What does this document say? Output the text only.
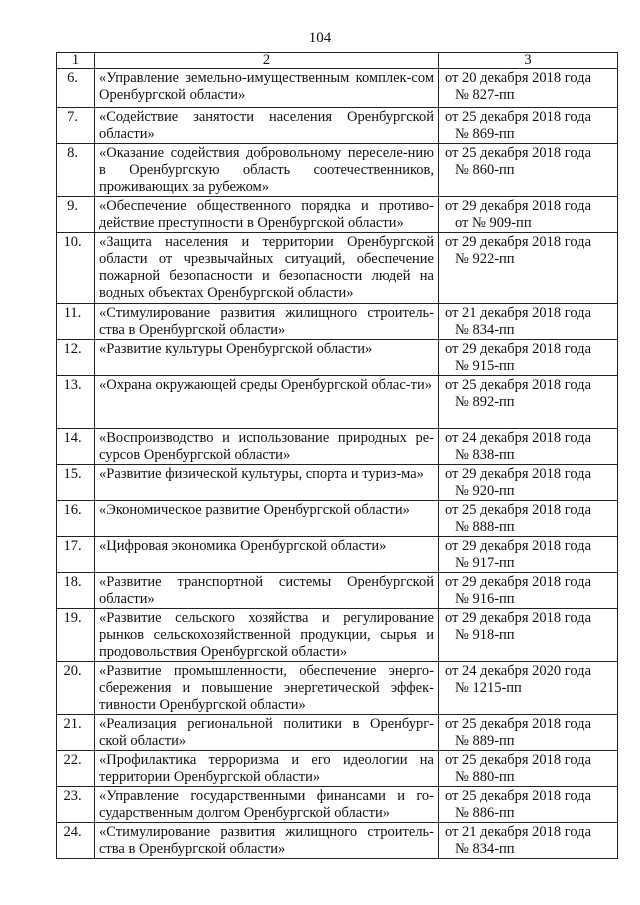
104
1	2	3
6.	«Управление земельно-имущественным комплек-сом Оренбургской области»	от 20 декабря 2018 года
№ 827-пп

7.	«Содействие занятости населения Оренбургской области»	от 25 декабря 2018 года
№ 869-пп

8.	«Оказание содействия добровольному переселе-нию в Оренбургскую область соотечественников, проживающих за рубежом»	от 25 декабря 2018 года
№ 860-пп

9.	«Обеспечение общественного порядка и противо-действие преступности в Оренбургской области»	от 29 декабря 2018 года
от № 909-пп

10.	«Защита населения и территории Оренбургской области от чрезвычайных ситуаций, обеспечение пожарной безопасности и безопасности людей на водных объектах Оренбургской области»	от 29 декабря 2018 года
№ 922-пп

11.	«Стимулирование развития жилищного строитель-ства в Оренбургской области»	от 21 декабря 2018 года
№ 834-пп

12.	«Развитие культуры Оренбургской области»	от 29 декабря 2018 года
№ 915-пп

13.	«Охрана окружающей среды Оренбургской облас-ти»	от 25 декабря 2018 года
№ 892-пп

14.	«Воспроизводство и использование природных ре-сурсов Оренбургской области»	от 24 декабря 2018 года
№ 838-пп

15.	«Развитие физической культуры, спорта и туриз-ма»	от 29 декабря 2018 года
№ 920-пп

16.	«Экономическое развитие Оренбургской области»	от 25 декабря 2018 года
№ 888-пп

17.	«Цифровая экономика Оренбургской области»	от 29 декабря 2018 года
№ 917-пп

18.	«Развитие транспортной системы Оренбургской области»	от 29 декабря 2018 года
№ 916-пп

19.	«Развитие сельского хозяйства и регулирование рынков сельскохозяйственной продукции, сырья и продовольствия Оренбургской области»	от 29 декабря 2018 года
№ 918-пп

20.	«Развитие промышленности, обеспечение энерго-сбережения и повышение энергетической эффек-тивности Оренбургской области»	от 24 декабря 2020 года
№ 1215-пп

21.	«Реализация региональной политики в Оренбург-ской области»	от 25 декабря 2018 года
№ 889-пп

22.	«Профилактика терроризма и его идеологии на территории Оренбургской области»	от 25 декабря 2018 года
№ 880-пп

23.	«Управление государственными финансами и го-сударственным долгом Оренбургской области»	от 25 декабря 2018 года
№ 886-пп

24.	«Стимулирование развития жилищного строитель-ства в Оренбургской области»	от 21 декабря 2018 года
№ 834-пп
